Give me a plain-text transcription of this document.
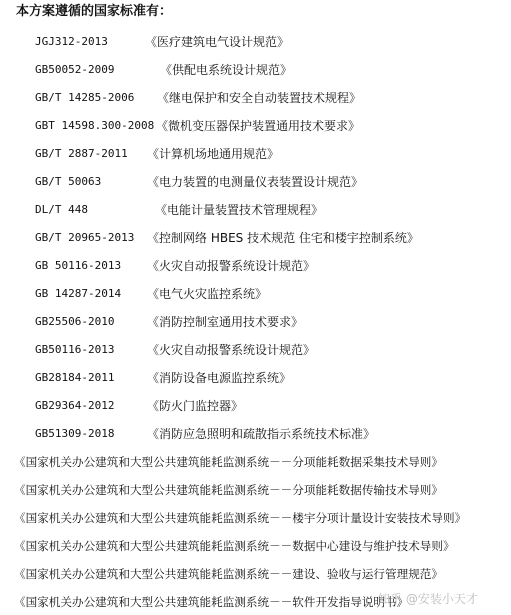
本方案遵循的国家标准有：
JGJ312-2013	《医疗建筑电气设计规范》
GB50052-2009	《供配电系统设计规范》
GB/T 14285-2006 《继电保护和安全自动装置技术规程》
GBT 14598.300-2008 《微机变压器保护装置通用技术要求》
GB/T 2887-2011 《计算机场地通用规范》
GB/T 50063	《电力装置的电测量仪表装置设计规范》
DL/T 448	《电能计量装置技术管理规程》
GB/T 20965-2013 《控制网络 HBES 技术规范 住宅和楼宇控制系统》
GB 50116-2013 《火灾自动报警系统设计规范》
GB 14287-2014 《电气火灾监控系统》
GB25506-2010	《消防控制室通用技术要求》
GB50116-2013	《火灾自动报警系统设计规范》
GB28184-2011	《消防设备电源监控系统》
GB29364-2012	《防火门监控器》
GB51309-2018	《消防应急照明和疏散指示系统技术标准》
《国家机关办公建筑和大型公共建筑能耗监测系统－－分项能耗数据采集技术导则》
《国家机关办公建筑和大型公共建筑能耗监测系统－－分项能耗数据传输技术导则》
《国家机关办公建筑和大型公共建筑能耗监测系统－－楼宇分项计量设计安装技术导则》
《国家机关办公建筑和大型公共建筑能耗监测系统－－数据中心建设与维护技术导则》
《国家机关办公建筑和大型公共建筑能耗监测系统－－建设、验收与运行管理规范》
《国家机关办公建筑和大型公共建筑能耗监测系统－－软件开发指导说明书》
知乎 @安装小天才
